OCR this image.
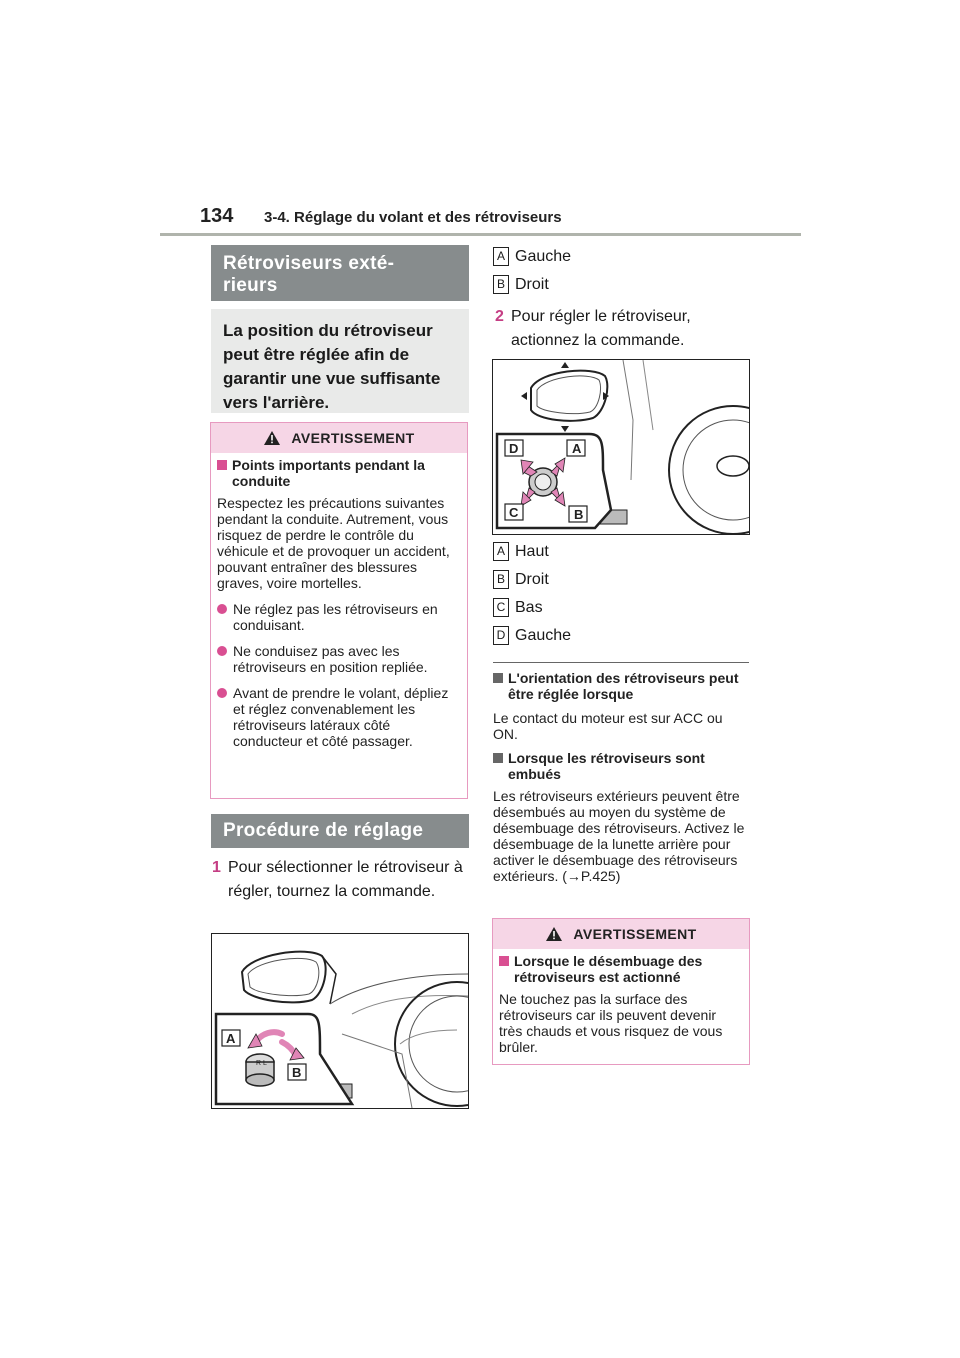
134 3-4. Réglage du volant et des rétroviseurs
Rétroviseurs exté-
rieurs
La position du rétroviseur peut être réglée afin de garantir une vue suffisante vers l'arrière.
AVERTISSEMENT
Points importants pendant la conduite
Respectez les précautions suivantes pendant la conduite. Autrement, vous risquez de perdre le contrôle du véhicule et de provoquer un accident, pouvant entraîner des blessures graves, voire mortelles.
Ne réglez pas les rétroviseurs en conduisant.
Ne conduisez pas avec les rétroviseurs en position repliée.
Avant de prendre le volant, dépliez et réglez convenablement les rétroviseurs latéraux côté conducteur et côté passager.
Procédure de réglage
1 Pour sélectionner le rétroviseur à régler, tournez la commande.
R L
A
B
A Gauche
B Droit
2 Pour régler le rétroviseur, actionnez la commande.
A
B
C
D
A Haut
B Droit
C Bas
D Gauche
L'orientation des rétroviseurs peut être réglée lorsque
Le contact du moteur est sur ACC ou ON.
Lorsque les rétroviseurs sont embués
Les rétroviseurs extérieurs peuvent être désembués au moyen du système de désembuage des rétroviseurs. Activez le désembuage de la lunette arrière pour activer le désembuage des rétroviseurs extérieurs. (→P.425)
AVERTISSEMENT
Lorsque le désembuage des rétroviseurs est actionné
Ne touchez pas la surface des rétroviseurs car ils peuvent devenir très chauds et vous risquez de vous brûler.
